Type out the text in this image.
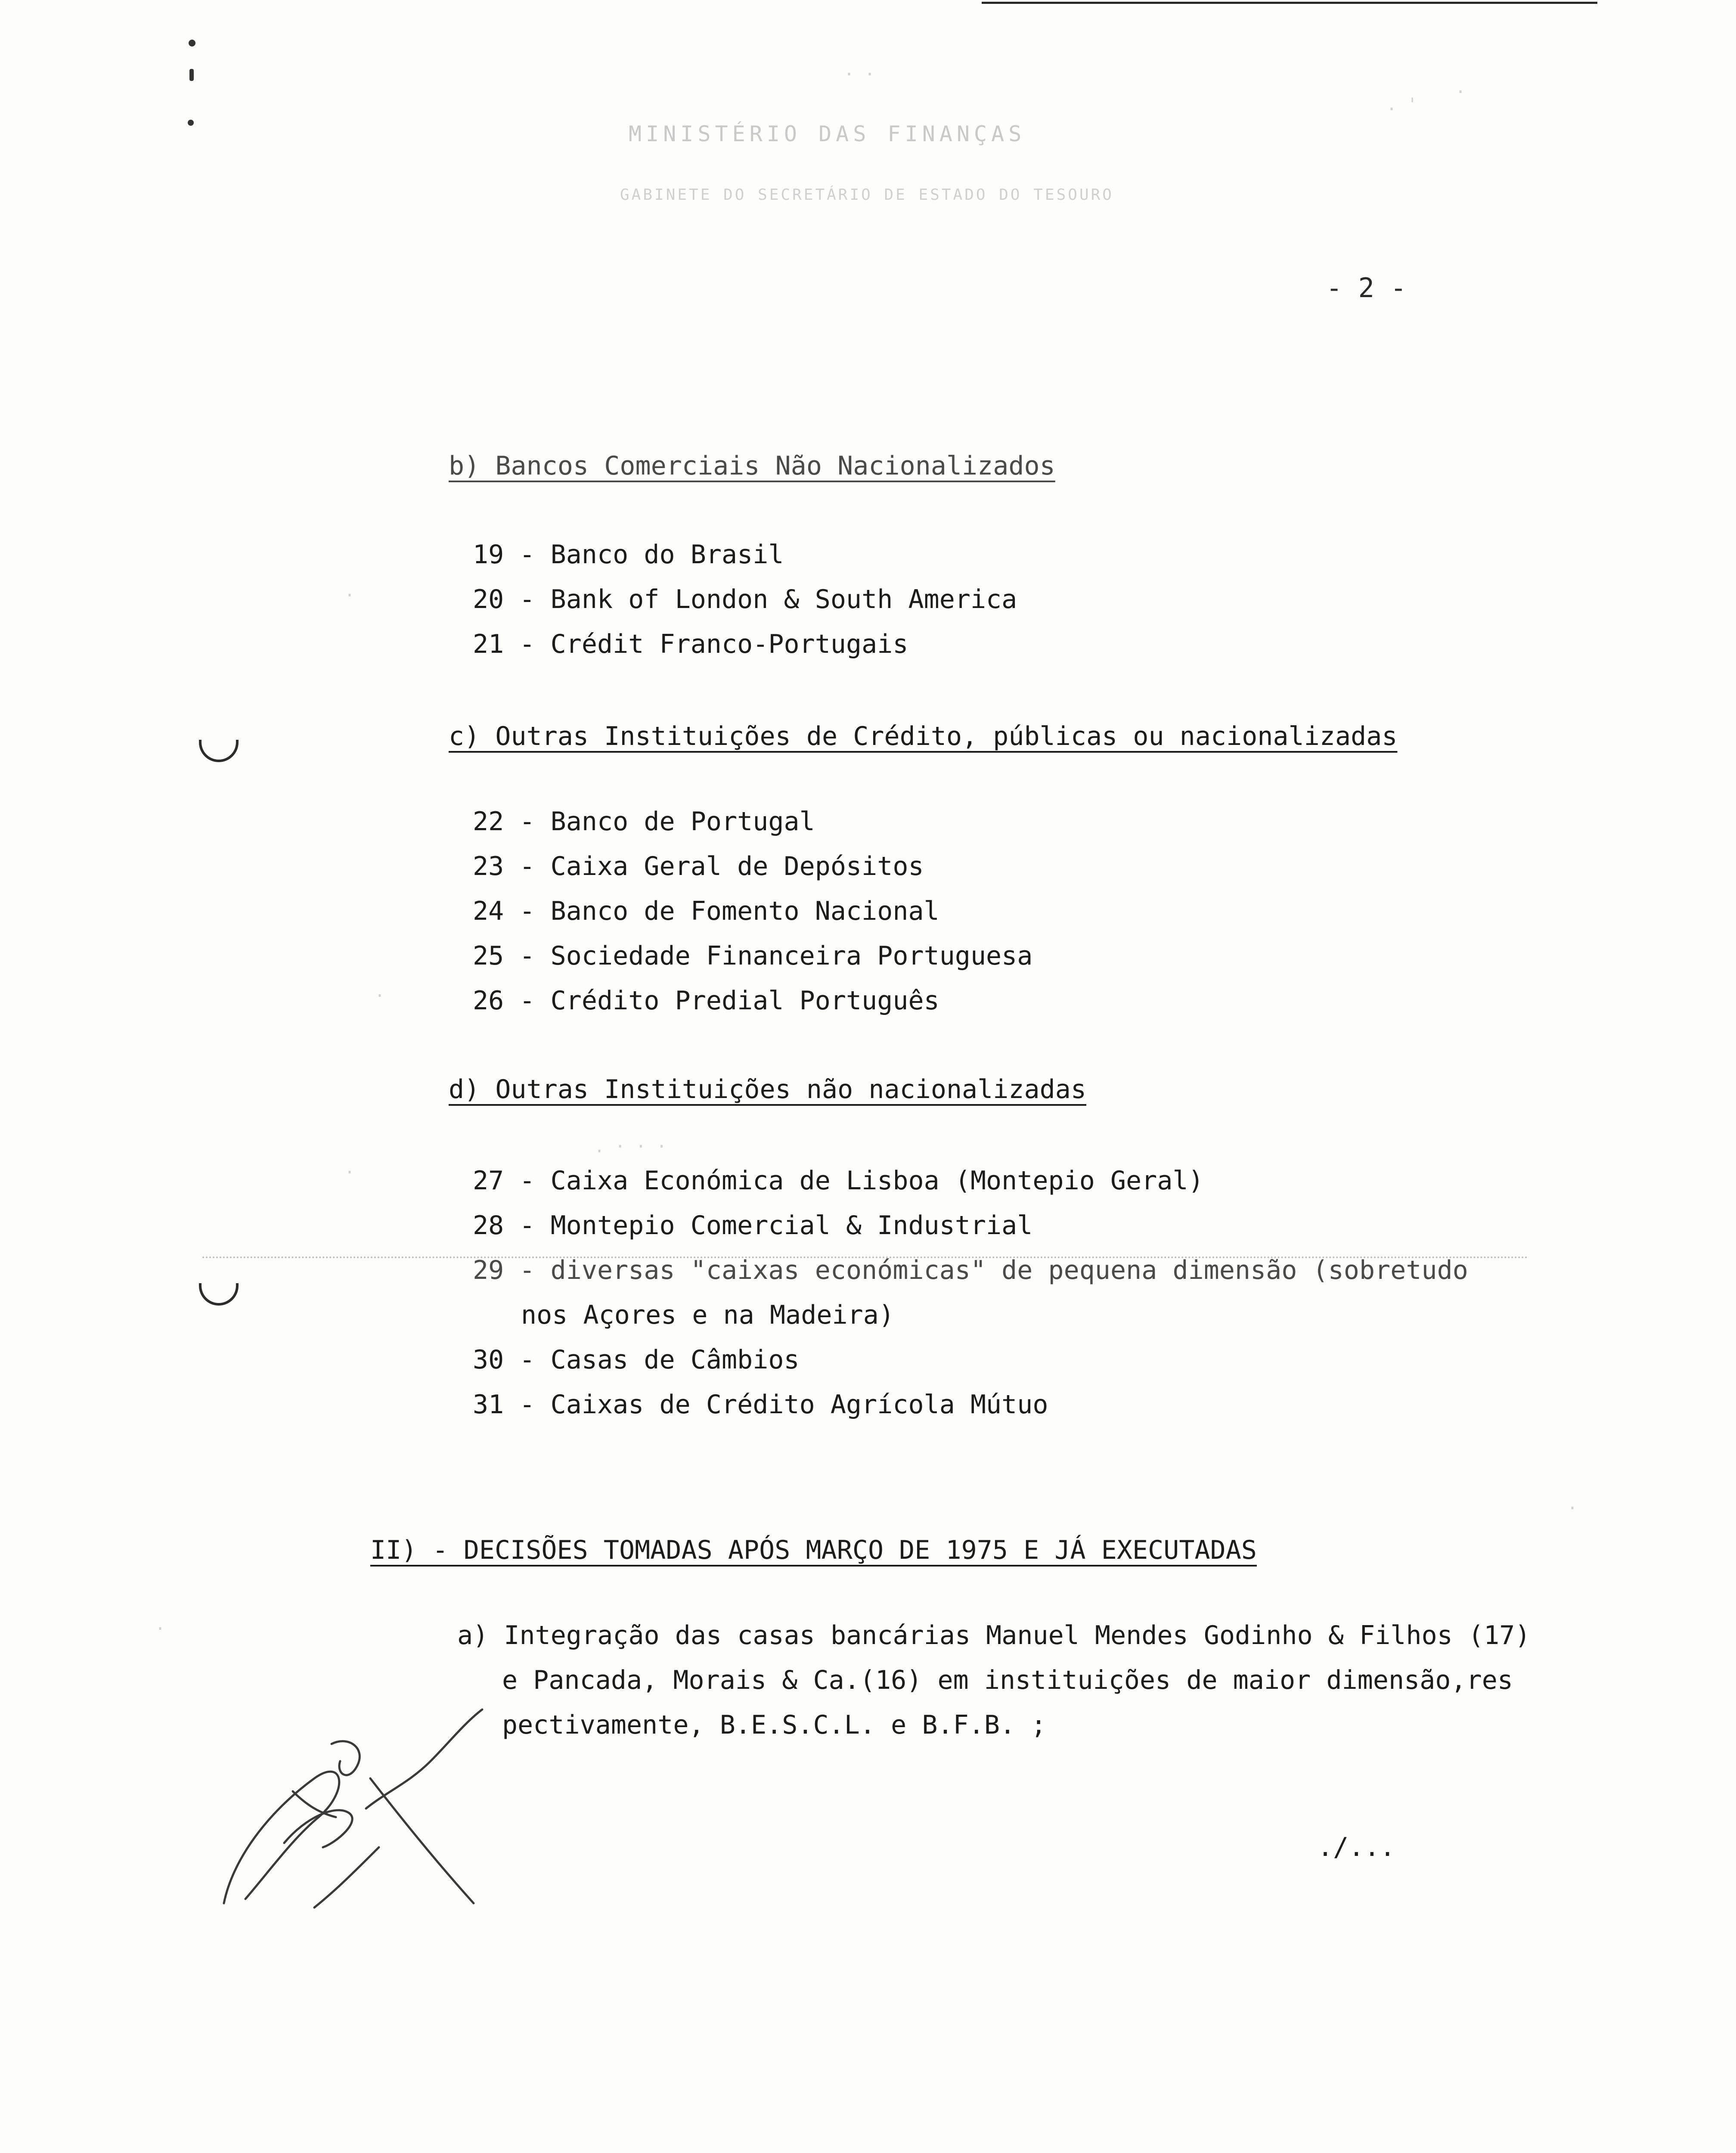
MINISTÉRIO DAS FINANÇAS
GABINETE DO SECRETÁRIO DE ESTADO DO TESOURO
- 2 -
b) Bancos Comerciais Não Nacionalizados
19 - Banco do Brasil
20 - Bank of London & South America
21 - Crédit Franco-Portugais
c) Outras Instituições de Crédito, públicas ou nacionalizadas
22 - Banco de Portugal
23 - Caixa Geral de Depósitos
24 - Banco de Fomento Nacional
25 - Sociedade Financeira Portuguesa
26 - Crédito Predial Português
d) Outras Instituições não nacionalizadas
27 - Caixa Económica de Lisboa (Montepio Geral)
28 - Montepio Comercial & Industrial
29 - diversas "caixas económicas" de pequena dimensão (sobretudo
nos Açores e na Madeira)
30 - Casas de Câmbios
31 - Caixas de Crédito Agrícola Mútuo
II) - DECISÕES TOMADAS APÓS MARÇO DE 1975 E JÁ EXECUTADAS
a) Integração das casas bancárias Manuel Mendes Godinho & Filhos (17)
e Pancada, Morais & Ca.(16) em instituições de maior dimensão,res
pectivamente, B.E.S.C.L. e B.F.B. ;
./...
. '
.
· ·
. · · ·
·
·
·
·
·
